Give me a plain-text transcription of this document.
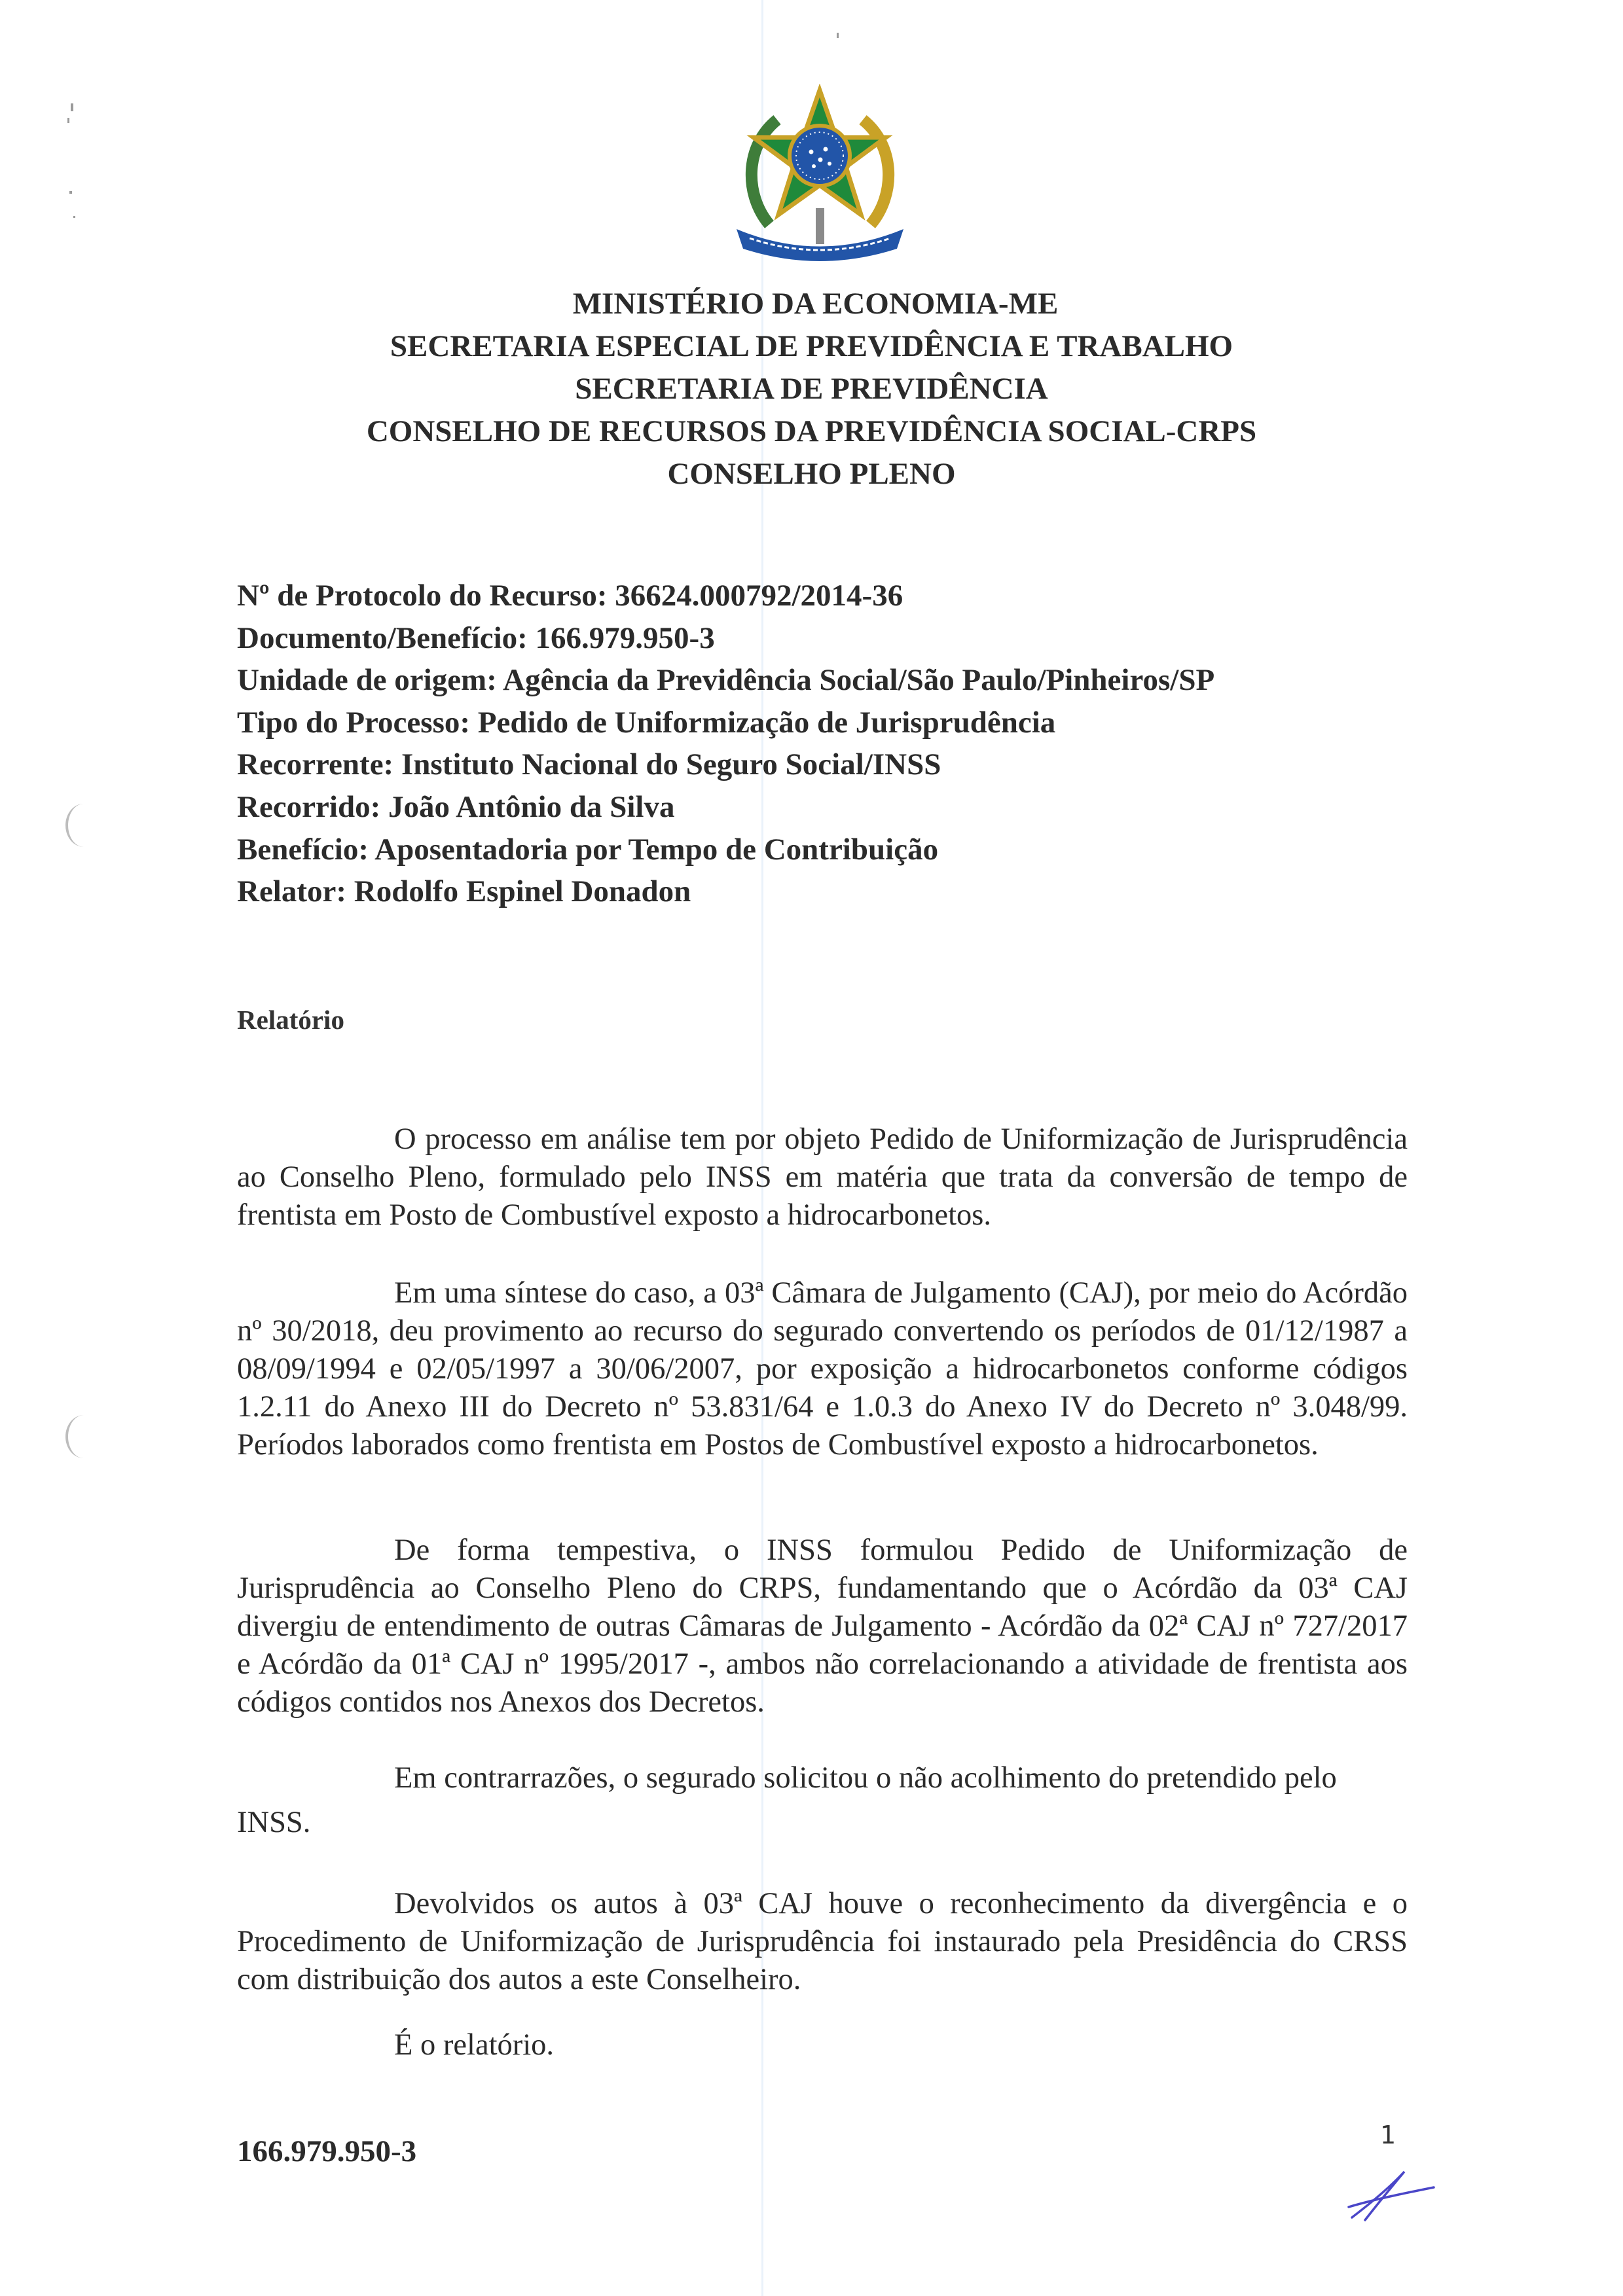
MINISTÉRIO DA ECONOMIA-ME
SECRETARIA ESPECIAL DE PREVIDÊNCIA E TRABALHO
SECRETARIA DE PREVIDÊNCIA
CONSELHO DE RECURSOS DA PREVIDÊNCIA SOCIAL-CRPS
CONSELHO PLENO
Nº de Protocolo do Recurso: 36624.000792/2014-36
Documento/Benefício: 166.979.950-3
Unidade de origem: Agência da Previdência Social/São Paulo/Pinheiros/SP
Tipo do Processo: Pedido de Uniformização de Jurisprudência
Recorrente: Instituto Nacional do Seguro Social/INSS
Recorrido: João Antônio da Silva
Benefício: Aposentadoria por Tempo de Contribuição
Relator: Rodolfo Espinel Donadon
Relatório

O processo em análise tem por objeto Pedido de Uniformização de Jurisprudência ao Conselho Pleno, formulado pelo INSS em matéria que trata da conversão de tempo de frentista em Posto de Combustível exposto a hidrocarbonetos.

Em uma síntese do caso, a 03ª Câmara de Julgamento (CAJ), por meio do Acórdão nº 30/2018, deu provimento ao recurso do segurado convertendo os períodos de 01/12/1987 a 08/09/1994 e 02/05/1997 a 30/06/2007, por exposição a hidrocarbonetos conforme códigos 1.2.11 do Anexo III do Decreto nº 53.831/64 e 1.0.3 do Anexo IV do Decreto nº 3.048/99. Períodos laborados como frentista em Postos de Combustível exposto a hidrocarbonetos.

De forma tempestiva, o INSS formulou Pedido de Uniformização de Jurisprudência ao Conselho Pleno do CRPS, fundamentando que o Acórdão da 03ª CAJ divergiu de entendimento de outras Câmaras de Julgamento - Acórdão da 02ª CAJ nº 727/2017 e Acórdão da 01ª CAJ nº 1995/2017 -, ambos não correlacionando a atividade de frentista aos códigos contidos nos Anexos dos Decretos.

Em contrarrazões, o segurado solicitou o não acolhimento do pretendido pelo

INSS.

Devolvidos os autos à 03ª CAJ houve o reconhecimento da divergência e o Procedimento de Uniformização de Jurisprudência foi instaurado pela Presidência do CRSS com distribuição dos autos a este Conselheiro.

É o relatório.

166.979.950-3	1
